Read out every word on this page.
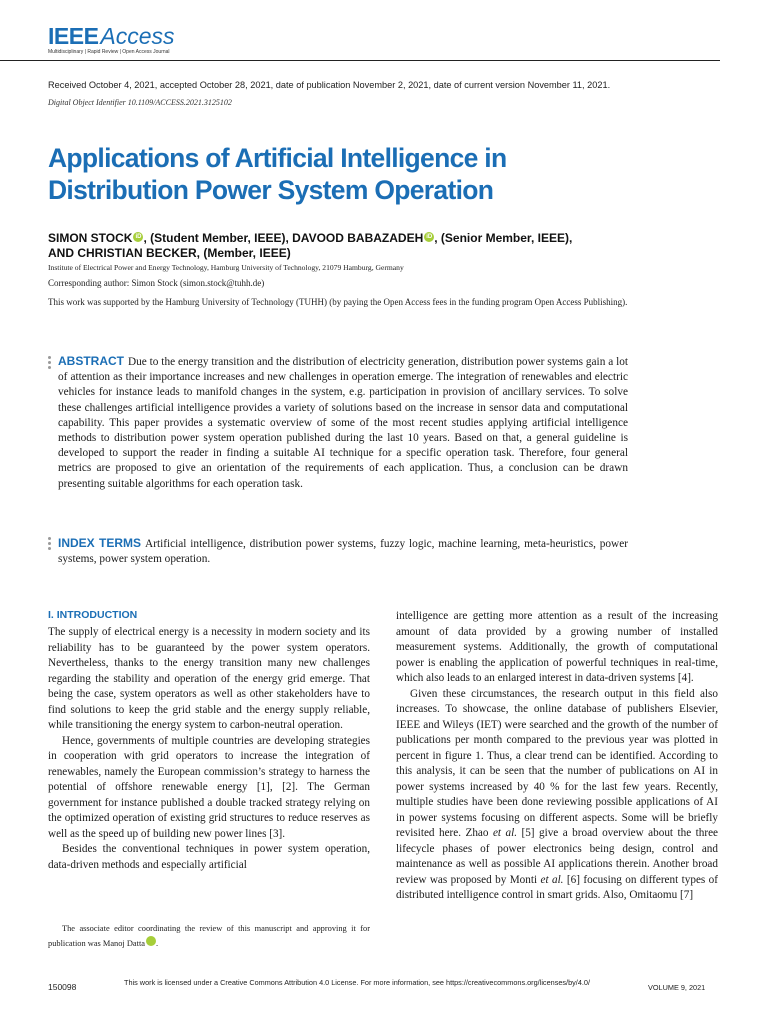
IEEEAccess
Multidisciplinary | Rapid Review | Open Access Journal
Received October 4, 2021, accepted October 28, 2021, date of publication November 2, 2021, date of current version November 11, 2021.
Digital Object Identifier 10.1109/ACCESS.2021.3125102
Applications of Artificial Intelligence in
Distribution Power System Operation
SIMON STOCK iD , (Student Member, IEEE), DAVOOD BABAZADEH iD , (Senior Member, IEEE),
AND CHRISTIAN BECKER, (Member, IEEE)
Institute of Electrical Power and Energy Technology, Hamburg University of Technology, 21079 Hamburg, Germany
Corresponding author: Simon Stock (simon.stock@tuhh.de)
This work was supported by the Hamburg University of Technology (TUHH) (by paying the Open Access fees in the funding program Open Access Publishing).
ABSTRACT Due to the energy transition and the distribution of electricity generation, distribution power systems gain a lot of attention as their importance increases and new challenges in operation emerge. The integration of renewables and electric vehicles for instance leads to manifold changes in the system, e.g. participation in provision of ancillary services. To solve these challenges artificial intelligence provides a variety of solutions based on the increase in sensor data and computational capability. This paper provides a systematic overview of some of the most recent studies applying artificial intelligence methods to distribution power system operation published during the last 10 years. Based on that, a general guideline is developed to support the reader in finding a suitable AI technique for a specific operation task. Therefore, four general metrics are proposed to give an orientation of the requirements of each application. Thus, a conclusion can be drawn presenting suitable algorithms for each operation task.
INDEX TERMS Artificial intelligence, distribution power systems, fuzzy logic, machine learning, meta-heuristics, power systems, power system operation.
I. INTRODUCTION

The supply of electrical energy is a necessity in modern society and its reliability has to be guaranteed by the power system operators. Nevertheless, thanks to the energy transition many new challenges regarding the stability and operation of the energy grid emerge. That being the case, system operators as well as other stakeholders have to find solutions to keep the grid stable and the energy supply reliable, while transitioning the energy system to carbon-neutral operation.

Hence, governments of multiple countries are developing strategies in cooperation with grid operators to increase the integration of renewables, namely the European commission’s strategy to harness the potential of offshore renewable energy [1], [2]. The German government for instance published a double tracked strategy relying on the optimized operation of existing grid structures to reduce reserves as well as the speed up of building new power lines [3].

Besides the conventional techniques in power system operation, data-driven methods and especially artificial

intelligence are getting more attention as a result of the increasing amount of data provided by a growing number of installed measurement systems. Additionally, the growth of computational power is enabling the application of powerful techniques in real-time, which also leads to an enlarged interest in data-driven systems [4].

Given these circumstances, the research output in this field also increases. To showcase, the online database of publishers Elsevier, IEEE and Wileys (IET) were searched and the growth of the number of publications per month compared to the previous year was plotted in percent in figure 1. Thus, a clear trend can be identified. According to this analysis, it can be seen that the number of publications on AI in power systems increased by 40 % for the last few years. Recently, multiple studies have been done reviewing possible applications of AI in power systems focusing on different aspects. Some will be briefly revisited here. Zhao et al. [5] give a broad overview about the three lifecycle phases of power electronics being design, control and maintenance as well as possible AI applications therein. Another broad review was proposed by Monti et al. [6] focusing on different types of distributed intelligence control in smart grids. Also, Omitaomu [7]

The associate editor coordinating the review of this manuscript and approving it for publication was Manoj Datta	iD.

150098	This work is licensed under a Creative Commons Attribution 4.0 License. For more information, see https://creativecommons.org/licenses/by/4.0/
VOLUME 9, 2021
